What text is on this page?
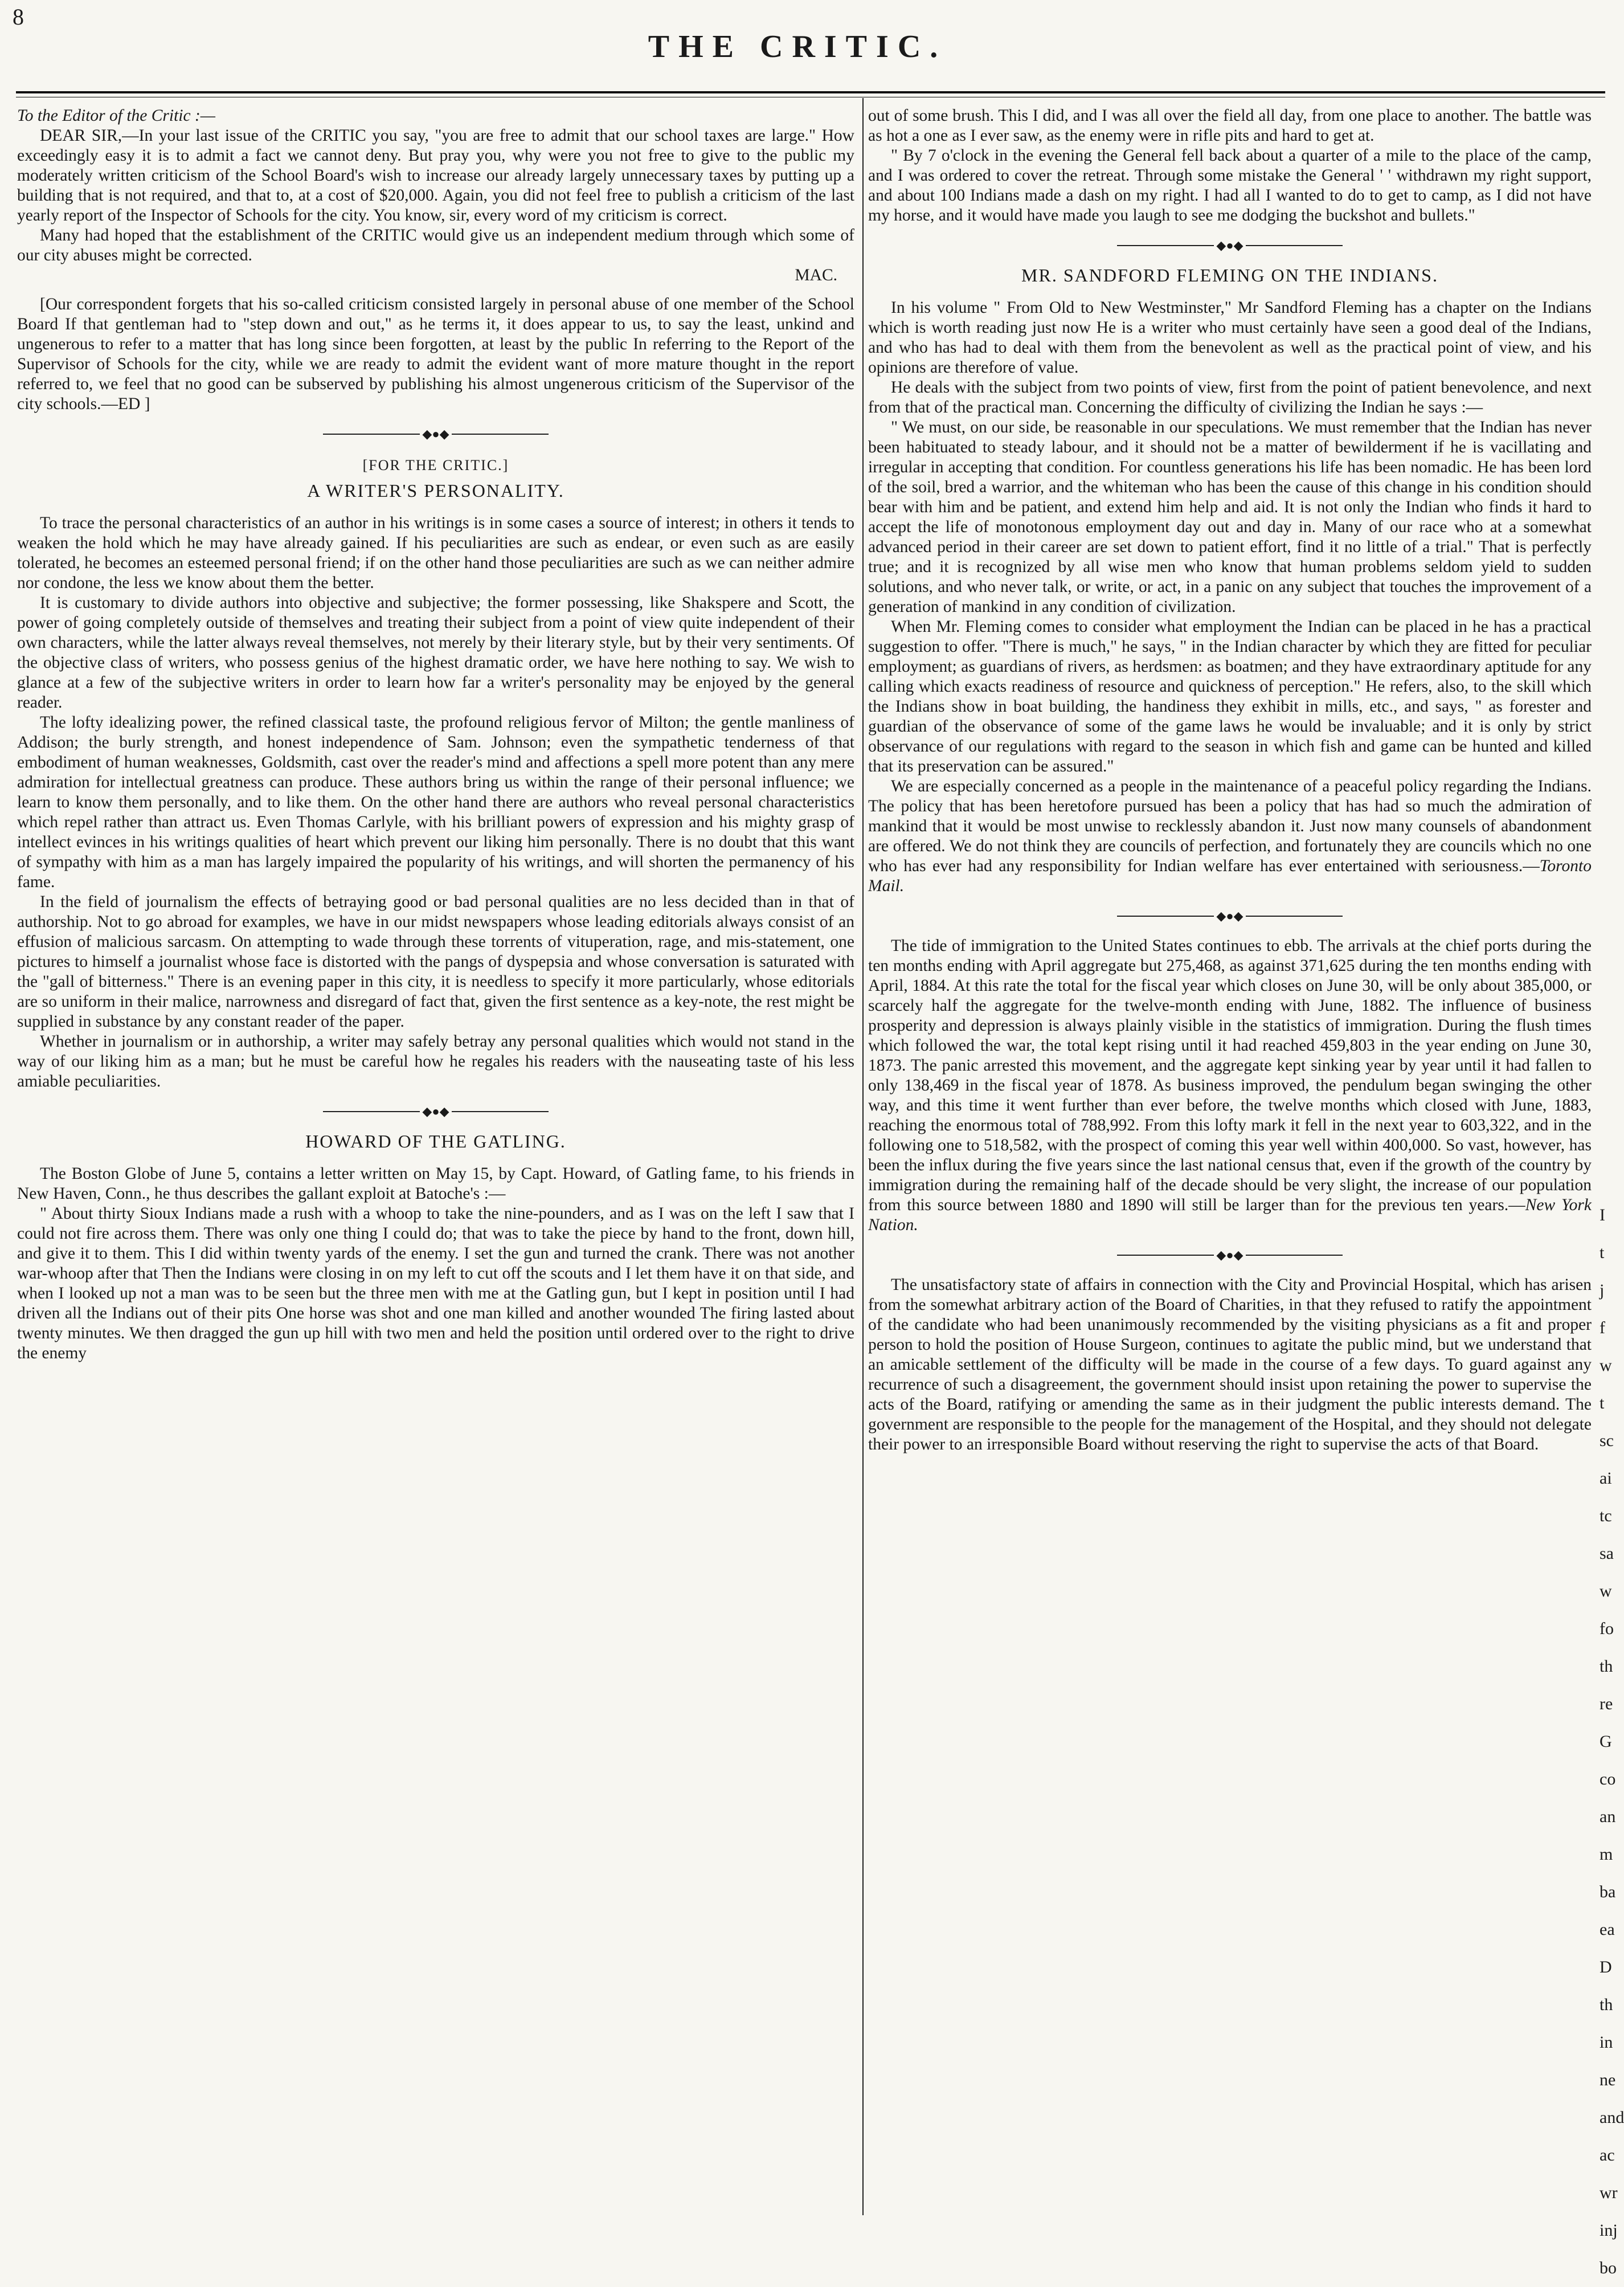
8
THE CRITIC.

To the Editor of the Critic :—

DEAR SIR,—In your last issue of the CRITIC you say, "you are free to admit that our school taxes are large." How exceedingly easy it is to admit a fact we cannot deny. But pray you, why were you not free to give to the public my moderately written criticism of the School Board's wish to increase our already largely unnecessary taxes by putting up a building that is not required, and that to, at a cost of $20,000. Again, you did not feel free to publish a criticism of the last yearly report of the Inspector of Schools for the city. You know, sir, every word of my criticism is correct.

Many had hoped that the establishment of the CRITIC would give us an independent medium through which some of our city abuses might be corrected.

MAC.

[Our correspondent forgets that his so-called criticism consisted largely in personal abuse of one member of the School Board If that gentleman had to "step down and out," as he terms it, it does appear to us, to say the least, unkind and ungenerous to refer to a matter that has long since been forgotten, at least by the public In referring to the Report of the Supervisor of Schools for the city, while we are ready to admit the evident want of more mature thought in the report referred to, we feel that no good can be subserved by publishing his almost ungenerous criticism of the Supervisor of the city schools.—ED ]

◆●◆
[FOR THE CRITIC.]
A WRITER'S PERSONALITY.

To trace the personal characteristics of an author in his writings is in some cases a source of interest; in others it tends to weaken the hold which he may have already gained. If his peculiarities are such as endear, or even such as are easily tolerated, he becomes an esteemed personal friend; if on the other hand those peculiarities are such as we can neither admire nor condone, the less we know about them the better.

It is customary to divide authors into objective and subjective; the former possessing, like Shakspere and Scott, the power of going completely outside of themselves and treating their subject from a point of view quite independent of their own characters, while the latter always reveal themselves, not merely by their literary style, but by their very sentiments. Of the objective class of writers, who possess genius of the highest dramatic order, we have here nothing to say. We wish to glance at a few of the subjective writers in order to learn how far a writer's personality may be enjoyed by the general reader.

The lofty idealizing power, the refined classical taste, the profound religious fervor of Milton; the gentle manliness of Addison; the burly strength, and honest independence of Sam. Johnson; even the sympathetic tenderness of that embodiment of human weaknesses, Goldsmith, cast over the reader's mind and affections a spell more potent than any mere admiration for intellectual greatness can produce. These authors bring us within the range of their personal influence; we learn to know them personally, and to like them. On the other hand there are authors who reveal personal characteristics which repel rather than attract us. Even Thomas Carlyle, with his brilliant powers of expression and his mighty grasp of intellect evinces in his writings qualities of heart which prevent our liking him personally. There is no doubt that this want of sympathy with him as a man has largely impaired the popularity of his writings, and will shorten the permanency of his fame.

In the field of journalism the effects of betraying good or bad personal qualities are no less decided than in that of authorship. Not to go abroad for examples, we have in our midst newspapers whose leading editorials always consist of an effusion of malicious sarcasm. On attempting to wade through these torrents of vituperation, rage, and mis-statement, one pictures to himself a journalist whose face is distorted with the pangs of dyspepsia and whose conversation is saturated with the "gall of bitterness." There is an evening paper in this city, it is needless to specify it more particularly, whose editorials are so uniform in their malice, narrowness and disregard of fact that, given the first sentence as a key-note, the rest might be supplied in substance by any constant reader of the paper.

Whether in journalism or in authorship, a writer may safely betray any personal qualities which would not stand in the way of our liking him as a man; but he must be careful how he regales his readers with the nauseating taste of his less amiable peculiarities.

◆●◆
HOWARD OF THE GATLING.

The Boston Globe of June 5, contains a letter written on May 15, by Capt. Howard, of Gatling fame, to his friends in New Haven, Conn., he thus describes the gallant exploit at Batoche's :—

" About thirty Sioux Indians made a rush with a whoop to take the nine-pounders, and as I was on the left I saw that I could not fire across them. There was only one thing I could do; that was to take the piece by hand to the front, down hill, and give it to them. This I did within twenty yards of the enemy. I set the gun and turned the crank. There was not another war-whoop after that Then the Indians were closing in on my left to cut off the scouts and I let them have it on that side, and when I looked up not a man was to be seen but the three men with me at the Gatling gun, but I kept in position until I had driven all the Indians out of their pits One horse was shot and one man killed and another wounded The firing lasted about twenty minutes. We then dragged the gun up hill with two men and held the position until ordered over to the right to drive the enemy

out of some brush. This I did, and I was all over the field all day, from one place to another. The battle was as hot a one as I ever saw, as the enemy were in rifle pits and hard to get at.

" By 7 o'clock in the evening the General fell back about a quarter of a mile to the place of the camp, and I was ordered to cover the retreat. Through some mistake the General ' ' withdrawn my right support, and about 100 Indians made a dash on my right. I had all I wanted to do to get to camp, as I did not have my horse, and it would have made you laugh to see me dodging the buckshot and bullets."

◆●◆
MR. SANDFORD FLEMING ON THE INDIANS.

In his volume " From Old to New Westminster," Mr Sandford Fleming has a chapter on the Indians which is worth reading just now He is a writer who must certainly have seen a good deal of the Indians, and who has had to deal with them from the benevolent as well as the practical point of view, and his opinions are therefore of value.

He deals with the subject from two points of view, first from the point of patient benevolence, and next from that of the practical man. Concerning the difficulty of civilizing the Indian he says :—

" We must, on our side, be reasonable in our speculations. We must remember that the Indian has never been habituated to steady labour, and it should not be a matter of bewilderment if he is vacillating and irregular in accepting that condition. For countless generations his life has been nomadic. He has been lord of the soil, bred a warrior, and the whiteman who has been the cause of this change in his condition should bear with him and be patient, and extend him help and aid. It is not only the Indian who finds it hard to accept the life of monotonous employment day out and day in. Many of our race who at a somewhat advanced period in their career are set down to patient effort, find it no little of a trial." That is perfectly true; and it is recognized by all wise men who know that human problems seldom yield to sudden solutions, and who never talk, or write, or act, in a panic on any subject that touches the improvement of a generation of mankind in any condition of civilization.

When Mr. Fleming comes to consider what employment the Indian can be placed in he has a practical suggestion to offer. "There is much," he says, " in the Indian character by which they are fitted for peculiar employment; as guardians of rivers, as herdsmen: as boatmen; and they have extraordinary aptitude for any calling which exacts readiness of resource and quickness of perception." He refers, also, to the skill which the Indians show in boat building, the handiness they exhibit in mills, etc., and says, " as forester and guardian of the observance of some of the game laws he would be invaluable; and it is only by strict observance of our regulations with regard to the season in which fish and game can be hunted and killed that its preservation can be assured."

We are especially concerned as a people in the maintenance of a peaceful policy regarding the Indians. The policy that has been heretofore pursued has been a policy that has had so much the admiration of mankind that it would be most unwise to recklessly abandon it. Just now many counsels of abandonment are offered. We do not think they are councils of perfection, and fortunately they are councils which no one who has ever had any responsibility for Indian welfare has ever entertained with seriousness.—Toronto Mail.

◆●◆

The tide of immigration to the United States continues to ebb. The arrivals at the chief ports during the ten months ending with April aggregate but 275,468, as against 371,625 during the ten months ending with April, 1884. At this rate the total for the fiscal year which closes on June 30, will be only about 385,000, or scarcely half the aggregate for the twelve-month ending with June, 1882. The influence of business prosperity and depression is always plainly visible in the statistics of immigration. During the flush times which followed the war, the total kept rising until it had reached 459,803 in the year ending on June 30, 1873. The panic arrested this movement, and the aggregate kept sinking year by year until it had fallen to only 138,469 in the fiscal year of 1878. As business improved, the pendulum began swinging the other way, and this time it went further than ever before, the twelve months which closed with June, 1883, reaching the enormous total of 788,992. From this lofty mark it fell in the next year to 603,322, and in the following one to 518,582, with the prospect of coming this year well within 400,000. So vast, however, has been the influx during the five years since the last national census that, even if the growth of the country by immigration during the remaining half of the decade should be very slight, the increase of our population from this source between 1880 and 1890 will still be larger than for the previous ten years.—New York Nation.

◆●◆

The unsatisfactory state of affairs in connection with the City and Provincial Hospital, which has arisen from the somewhat arbitrary action of the Board of Charities, in that they refused to ratify the appointment of the candidate who had been unanimously recommended by the visiting physicians as a fit and proper person to hold the position of House Surgeon, continues to agitate the public mind, but we understand that an amicable settlement of the difficulty will be made in the course of a few days. To guard against any recurrence of such a disagreement, the government should insist upon retaining the power to supervise the acts of the Board, ratifying or amending the same as in their judgment the public interests demand. The government are responsible to the people for the management of the Hospital, and they should not delegate their power to an irresponsible Board without reserving the right to supervise the acts of that Board.

I
t
j
f
w
t
sc
ai
tc
sa
w
fo
th
re
G
co
an
m
ba
ea
D
th
in
ne
and
ac
wr
inj
bo
